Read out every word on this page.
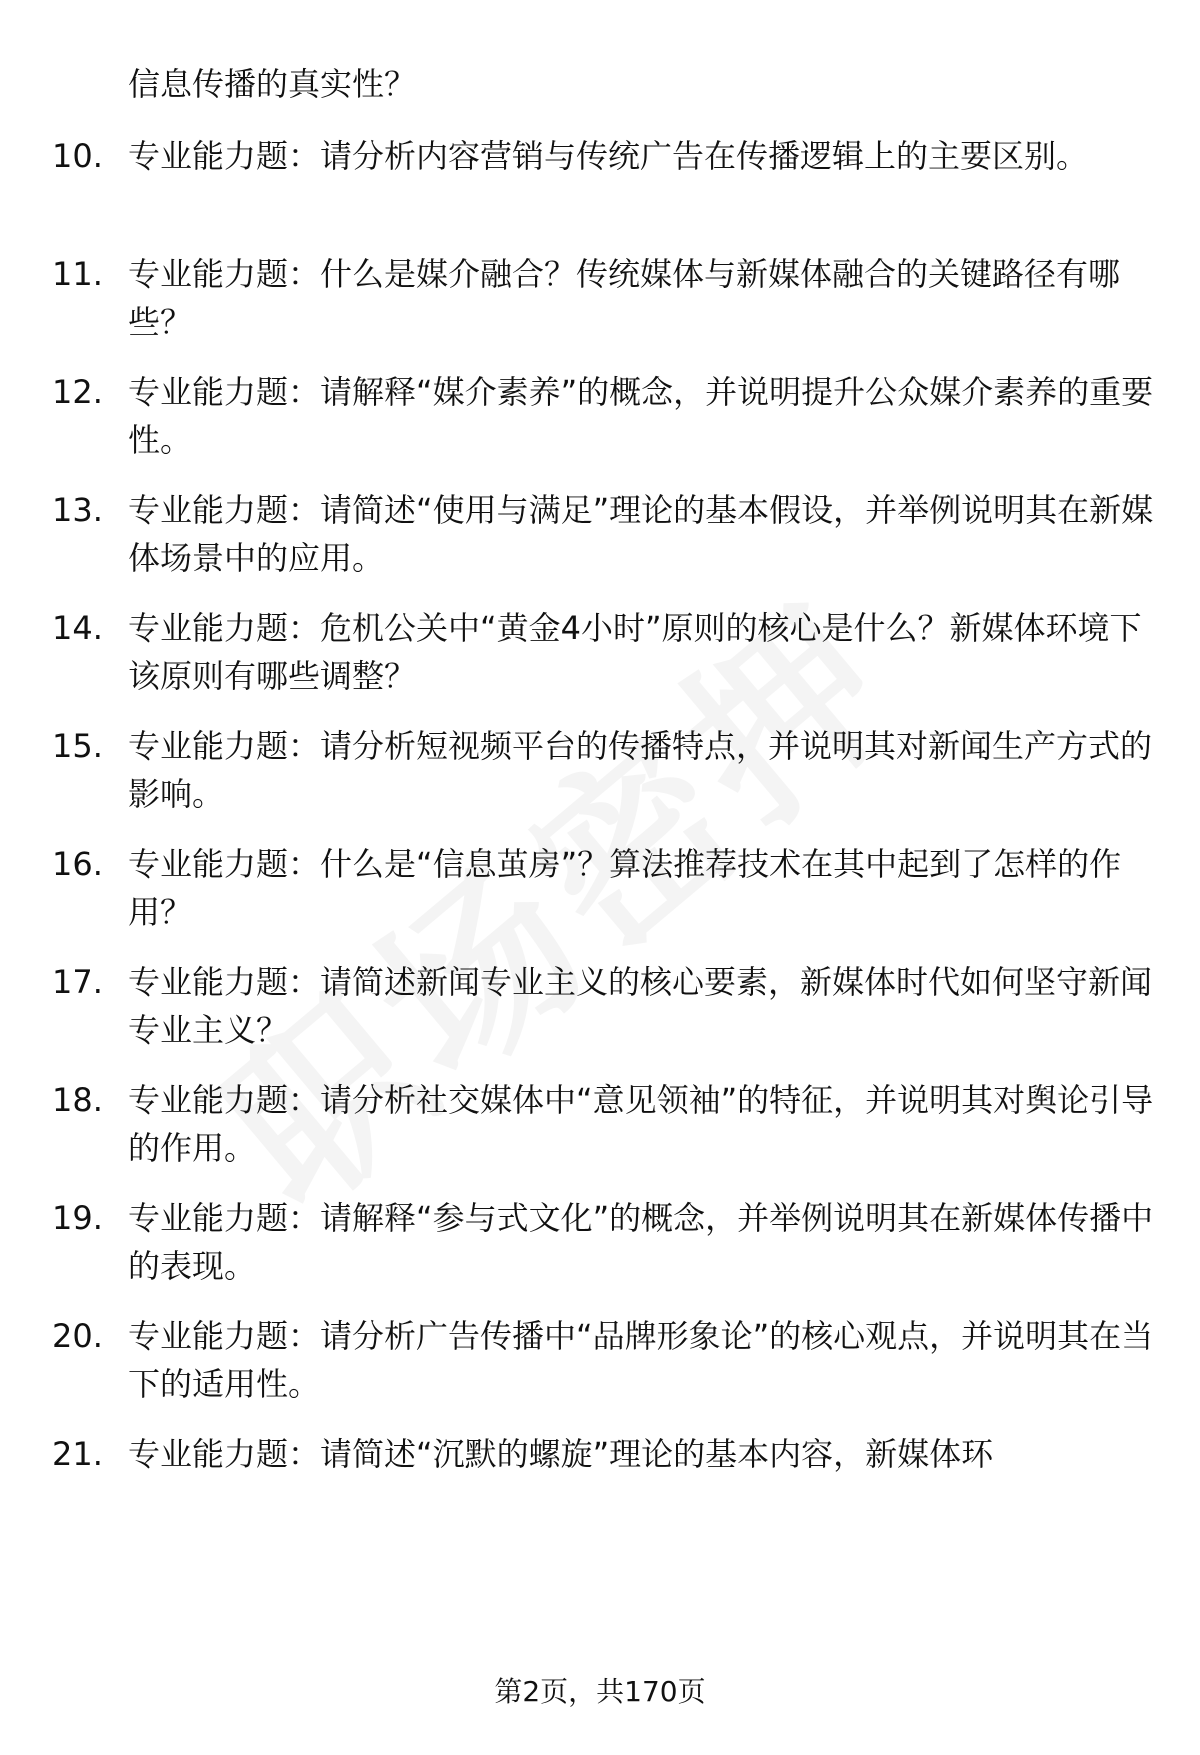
信息传播的真实性？

10. 专业能力题：请分析内容营销与传统广告在传播逻辑上的主要区别。

11. 专业能力题：什么是媒介融合？传统媒体与新媒体融合的关键路径有哪些？

12. 专业能力题：请解释“媒介素养”的概念，并说明提升公众媒介素养的重要性。

13. 专业能力题：请简述“使用与满足”理论的基本假设，并举例说明其在新媒体场景中的应用。

14. 专业能力题：危机公关中“黄金4小时”原则的核心是什么？新媒体环境下该原则有哪些调整？

15. 专业能力题：请分析短视频平台的传播特点，并说明其对新闻生产方式的影响。

16. 专业能力题：什么是“信息茧房”？算法推荐技术在其中起到了怎样的作用？

17. 专业能力题：请简述新闻专业主义的核心要素，新媒体时代如何坚守新闻专业主义？

18. 专业能力题：请分析社交媒体中“意见领袖”的特征，并说明其对舆论引导的作用。

19. 专业能力题：请解释“参与式文化”的概念，并举例说明其在新媒体传播中的表现。

20. 专业能力题：请分析广告传播中“品牌形象论”的核心观点，并说明其在当下的适用性。

21. 专业能力题：请简述“沉默的螺旋”理论的基本内容，新媒体环

第2页，共170页
